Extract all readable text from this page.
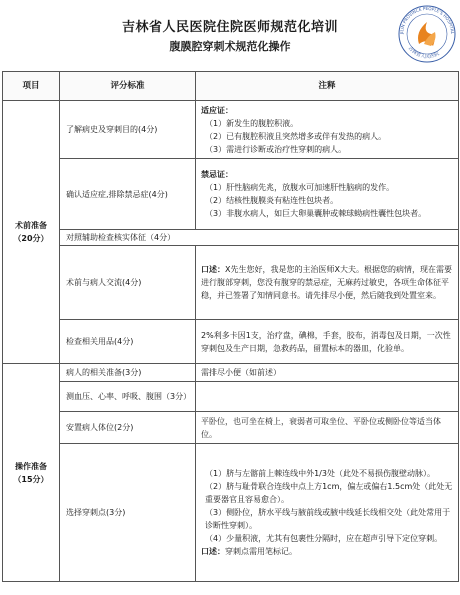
吉林省人民医院住院医师规范化培训
腹膜腔穿刺术规范化操作
JILIN PROVINCE PEOPLE'S HOSPITAL
吉林省人民医院
项目	评分标准	注释

术前准备
（20分）	了解病史及穿刺目的(4分)	适应证：
（1）新发生的腹腔积液。
（2）已有腹腔积液且突然增多或伴有发热的病人。
（3）需进行诊断或治疗性穿刺的病人。

	确认适应症,排除禁忌症(4分)	禁忌证：
（1）肝性脑病先兆，放腹水可加速肝性脑病的发作。
（2）结核性腹膜炎有粘连性包块者。
（3）非腹水病人，如巨大卵巢囊肿或棘球蚴病性囊性包块者。

	对照辅助检查核实体征（4分）	
	术前与病人交流(4分)	口述：X先生您好，我是您的主治医师X大夫。根据您的病情，现在需要进行腹部穿刺，您没有腹穿的禁忌症，无麻药过敏史，各项生命体征平稳，并已签署了知情同意书。请先排尽小便，然后随我到处置室来。
	检查相关用品(4分)	2%利多卡因1支，治疗盘，碘棉，手套，胶布，消毒包及日期，一次性穿刺包及生产日期，急救药品，留置标本的器皿，化验单。

操作准备
（15分）	病人的相关准备(3分)	需排尽小便（如前述）
	测血压、心率、呼吸、腹围（3分）	
	安置病人体位(2分)	平卧位，也可坐在椅上，衰弱者可取坐位、平卧位或侧卧位等适当体位。
	选择穿刺点(3分)	（1）脐与左髂前上棘连线中外1/3处（此处不易损伤腹壁动脉）。
（2）脐与耻骨联合连线中点上方1cm，偏左或偏右1.5cm处（此处无重要器官且容易愈合）。
（3）侧卧位，脐水平线与腋前线或腋中线延长线相交处（此处常用于诊断性穿刺）。
（4）少量积液，尤其有包裹性分隔时，应在超声引导下定位穿刺。
口述：穿刺点需用笔标记。
